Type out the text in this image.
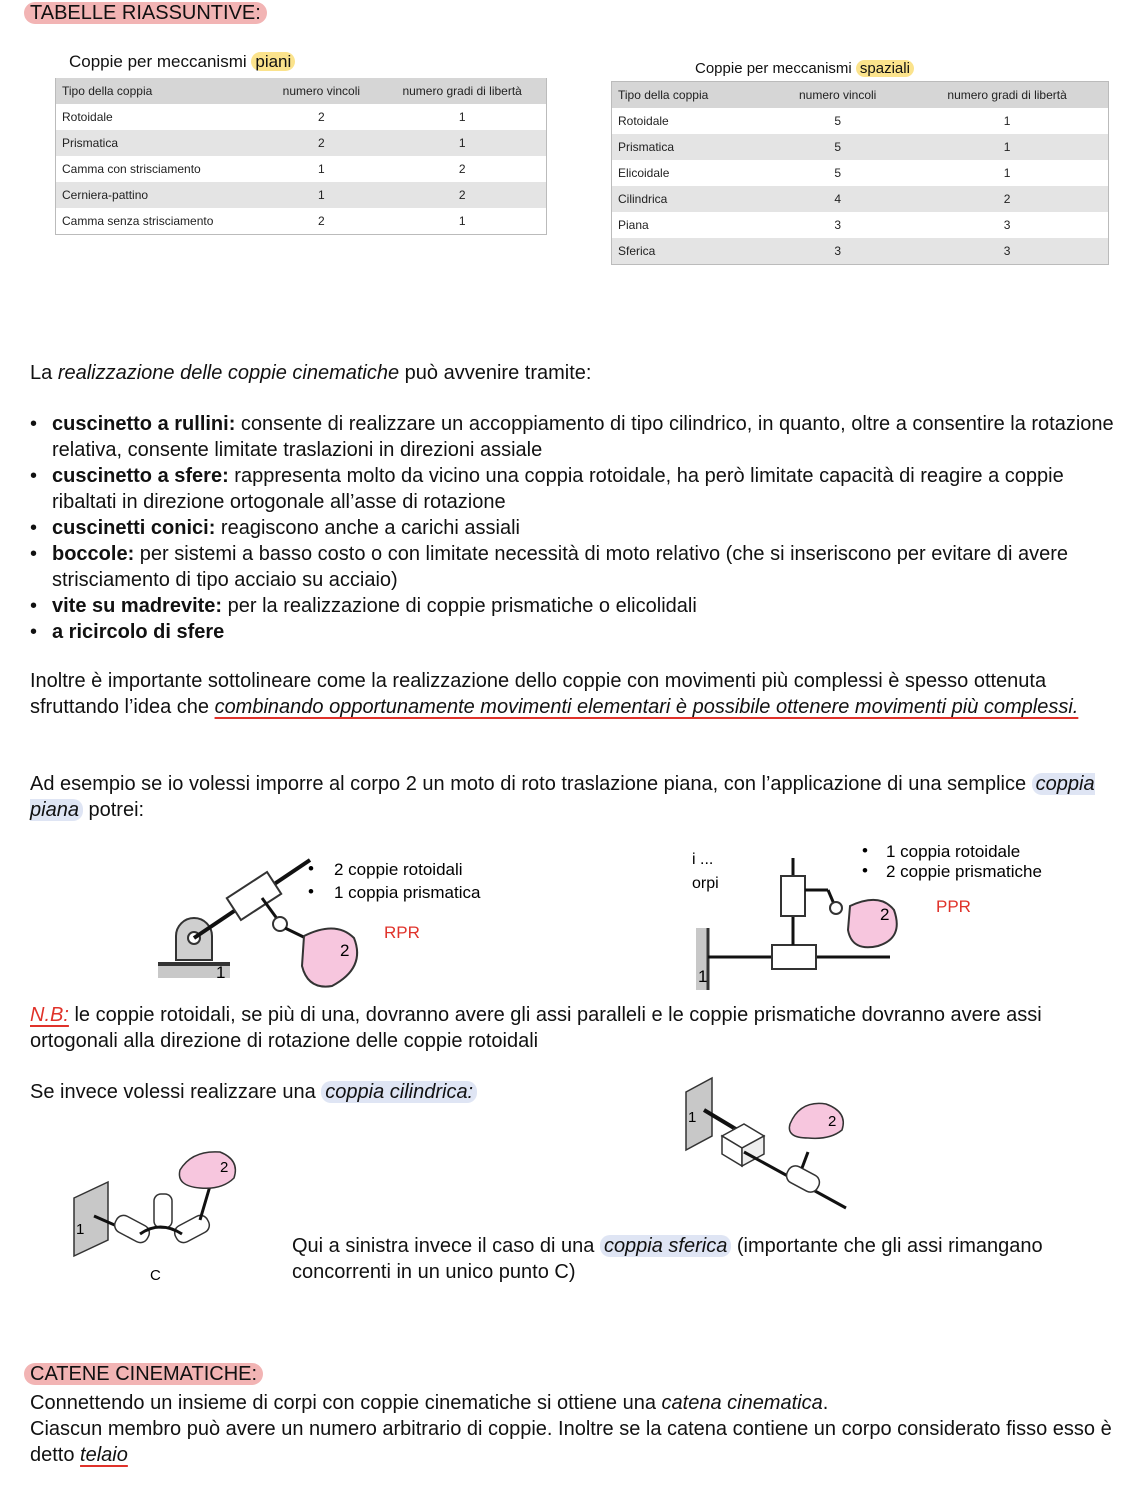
TABELLE RIASSUNTIVE:
Coppie per meccanismi piani
Tipo della coppia	numero vincoli	numero gradi di libertà
Rotoidale	2	1
Prismatica	2	1
Camma con strisciamento	1	2
Cerniera-pattino	1	2
Camma senza strisciamento	2	1
Coppie per meccanismi spaziali
Tipo della coppia	numero vincoli	numero gradi di libertà
Rotoidale	5	1
Prismatica	5	1
Elicoidale	5	1
Cilindrica	4	2
Piana	3	3
Sferica	3	3
La realizzazione delle coppie cinematiche può avvenire tramite:
• cuscinetto a rullini: consente di realizzare un accoppiamento di tipo cilindrico, in quanto, oltre a consentire la rotazione relativa, consente limitate traslazioni in direzioni assiale
• cuscinetto a sfere: rappresenta molto da vicino una coppia rotoidale, ha però limitate capacità di reagire a coppie ribaltati in direzione ortogonale all’asse di rotazione
• cuscinetti conici: reagiscono anche a carichi assiali
• boccole: per sistemi a basso costo o con limitate necessità di moto relativo (che si inseriscono per evitare di avere strisciamento di tipo acciaio su acciaio)
• vite su madrevite: per la realizzazione di coppie prismatiche o elicolidali
• a ricircolo di sfere
Inoltre è importante sottolineare come la realizzazione dello coppie con movimenti più complessi è spesso ottenuta sfruttando l’idea che combinando opportunamente movimenti elementari è possibile ottenere movimenti più complessi.
Ad esempio se io volessi imporre al corpo 2 un moto di roto traslazione piana, con l’applicazione di una semplice coppia piana potrei:
2
1
• 2 coppie rotoidali
• 1 coppia prismatica
RPR
i ...
orpi
2
1
• 1 coppia rotoidale
• 2 coppie prismatiche
PPR
N.B: le coppie rotoidali, se più di una, dovranno avere gli assi paralleli e le coppie prismatiche dovranno avere assi ortogonali alla direzione di rotazione delle coppie rotoidali
Se invece volessi realizzare una coppia cilindrica:
1	2
1
2
C
Qui a sinistra invece il caso di una coppia sferica (importante che gli assi rimangano concorrenti in un unico punto C)
CATENE CINEMATICHE:
Connettendo un insieme di corpi con coppie cinematiche si ottiene una catena cinematica.
Ciascun membro può avere un numero arbitrario di coppie. Inoltre se la catena contiene un corpo considerato fisso esso è detto telaio
